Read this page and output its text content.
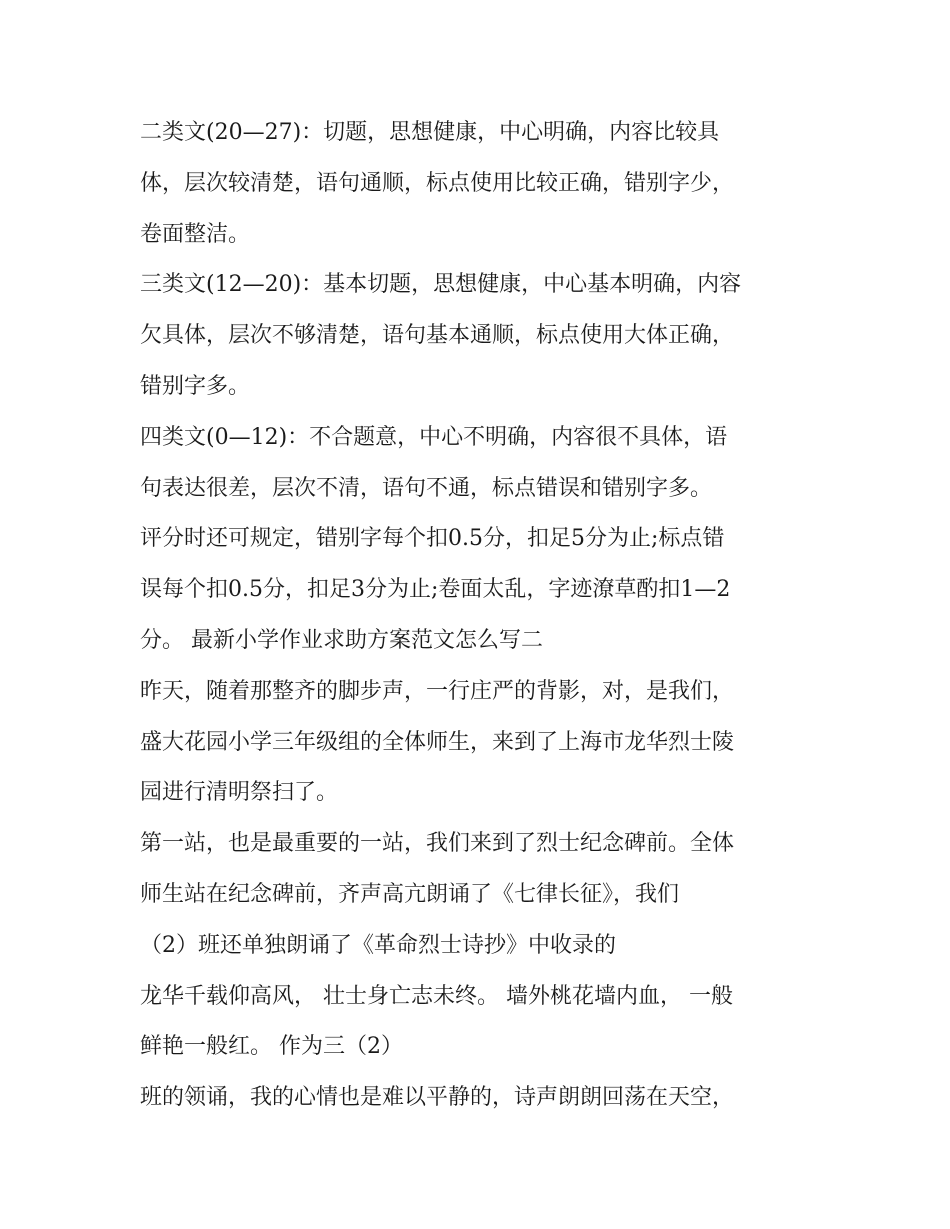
二类文(20—27)：切题，思想健康，中心明确，内容比较具
体，层次较清楚，语句通顺，标点使用比较正确，错别字少，
卷面整洁。
三类文(12—20)：基本切题，思想健康，中心基本明确，内容
欠具体，层次不够清楚，语句基本通顺，标点使用大体正确，
错别字多。
四类文(0—12)：不合题意，中心不明确，内容很不具体，语
句表达很差，层次不清，语句不通，标点错误和错别字多。
评分时还可规定，错别字每个扣0.5分，扣足5分为止;标点错
误每个扣0.5分，扣足3分为止;卷面太乱，字迹潦草酌扣1—2
分。 最新小学作业求助方案范文怎么写二
昨天，随着那整齐的脚步声，一行庄严的背影，对，是我们，
盛大花园小学三年级组的全体师生，来到了上海市龙华烈士陵
园进行清明祭扫了。
第一站，也是最重要的一站，我们来到了烈士纪念碑前。全体
师生站在纪念碑前，齐声高亢朗诵了《七律长征》，我们
（2）班还单独朗诵了《革命烈士诗抄》中收录的
龙华千载仰高风， 壮士身亡志未终。 墙外桃花墙内血， 一般
鲜艳一般红。 作为三（2）
班的领诵，我的心情也是难以平静的，诗声朗朗回荡在天空，
